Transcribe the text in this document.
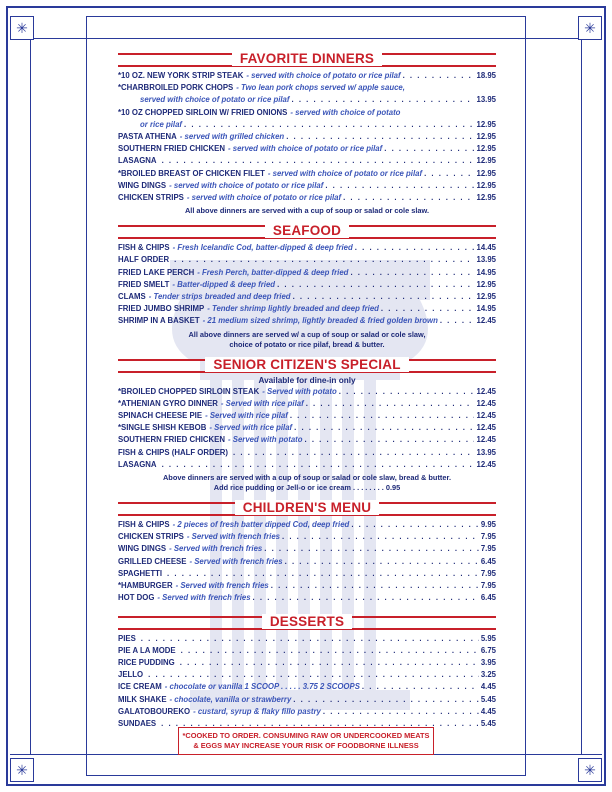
✳	✳
✳	✳
FAVORITE DINNERS
*10 OZ. NEW YORK STRIP STEAK - served with choice of potato or rice pilaf . . .	18.95
*CHARBROILED PORK CHOPS - Two lean pork chops served w/ apple sauce,
served with choice of potato or rice pilaf . . .	13.95
*10 OZ CHOPPED SIRLOIN W/ FRIED ONIONS - served with choice of potato
or rice pilaf . . .	12.95
PASTA ATHENA - served with grilled chicken . . .	12.95
SOUTHERN FRIED CHICKEN - served with choice of potato or rice pilaf . . .	12.95
LASAGNA . . .	12.95
*BROILED BREAST OF CHICKEN FILET - served with choice of potato or rice pilaf . . .	12.95
WING DINGS - served with choice of potato or rice pilaf . . .	12.95
CHICKEN STRIPS - served with choice of potato or rice pilaf . . .	12.95
All above dinners are served with a cup of soup or salad or cole slaw.
SEAFOOD
FISH & CHIPS - Fresh Icelandic Cod, batter-dipped & deep fried . . .	14.45
HALF ORDER . . .	13.95
FRIED LAKE PERCH - Fresh Perch, batter-dipped & deep fried . . .	14.95
FRIED SMELT - Batter-dipped & deep fried . . .	12.95
CLAMS - Tender strips breaded and deep fried . . .	12.95
FRIED JUMBO SHRIMP - Tender shrimp lightly breaded and deep fried . . .	14.95
SHRIMP IN A BASKET - 21 medium sized shrimp, lightly breaded & fried golden brown . . .	12.45
All above dinners are served w/ a cup of soup or salad or cole slaw,
choice of potato or rice pilaf, bread & butter.
SENIOR CITIZEN'S SPECIAL
Available for dine-in only
*BROILED CHOPPED SIRLOIN STEAK - Served with potato . . .	12.45
*ATHENIAN GYRO DINNER - Served with rice pilaf . . .	12.45
SPINACH CHEESE PIE - Served with rice pilaf . . .	12.45
*SINGLE SHISH KEBOB - Served with rice pilaf . . .	12.45
SOUTHERN FRIED CHICKEN - Served with potato . . .	12.45
FISH & CHIPS (HALF ORDER) . . .	13.95
LASAGNA . . .	12.45
Above dinners are served with a cup of soup or salad or cole slaw, bread & butter.
Add rice pudding or Jell-o or ice cream . . . . . . . . 0.95
CHILDREN'S MENU
FISH & CHIPS - 2 pieces of fresh batter dipped Cod, deep fried . . .	9.95
CHICKEN STRIPS - Served with french fries . . .	7.95
WING DINGS - Served with french fries . . .	7.95
GRILLED CHEESE - Served with french fries . . .	6.45
SPAGHETTI . . .	7.95
*HAMBURGER - Served with french fries . . .	7.95
HOT DOG - Served with french fries . . .	6.45
DESSERTS
PIES . . .	5.95
PIE A LA MODE . . .	6.75
RICE PUDDING . . .	3.95
JELLO . . .	3.25
ICE CREAM - chocolate or vanilla 1 SCOOP . . . . . 3.75 2 SCOOPS . . .	4.45
MILK SHAKE - chocolate, vanilla or strawberry . . .	5.45
GALATOBOUREKO - custard, syrup & flaky fillo pastry . . .	4.45
SUNDAES . . .	5.45
*COOKED TO ORDER. CONSUMING RAW OR UNDERCOOKED MEATS
& EGGS MAY INCREASE YOUR RISK OF FOODBORNE ILLNESS
